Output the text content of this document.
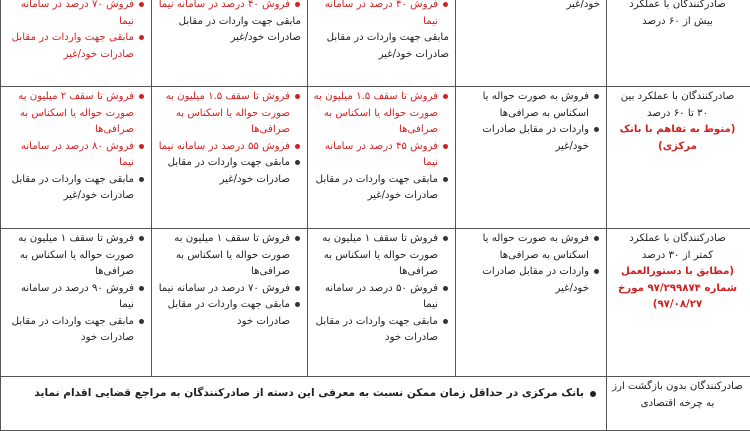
صادرکنندگان با عملکرد
بیش از ۶۰ درصد	خود/غیر	فروش ۴۰ درصد در سامانه نیما
مابقی جهت واردات در مقابل صادرات خود/غیر	فروش ۴۰ درصد در سامانه نیما
مابقی جهت واردات در مقابل صادرات خود/غیر	فروش ۷۰ درصد در سامانه نیما
مابقی جهت واردات در مقابل صادرات خود/غیر

صادرکنندگان با عملکرد بین
۳۰ تا ۶۰ درصد
(منوط به تفاهم با بانک مرکزی)	فروش به صورت حواله یا اسکناس به صرافی‌ها
واردات در مقابل صادرات خود/غیر	فروش تا سقف ۱.۵ میلیون به صورت حواله یا اسکناس به صرافی‌ها
فروش ۴۵ درصد در سامانه نیما
مابقی جهت واردات در مقابل صادرات خود/غیر	فروش تا سقف ۱.۵ میلیون به صورت حواله یا اسکناس به صرافی‌ها
فروش ۵۵ درصد در سامانه نیما
مابقی جهت واردات در مقابل صادرات خود/غیر	فروش تا سقف ۲ میلیون به صورت حواله یا اسکناس به صرافی‌ها
فروش ۸۰ درصد در سامانه نیما
مابقی جهت واردات در مقابل صادرات خود/غیر

صادرکنندگان با عملکرد
کمتر از ۳۰ درصد
(مطابق با دستورالعمل شماره ۹۷/۲۹۹۸۷۴ مورخ ۹۷/۰۸/۲۷)	فروش به صورت حواله یا اسکناس به صرافی‌ها
واردات در مقابل صادرات خود/غیر	فروش تا سقف ۱ میلیون به صورت حواله یا اسکناس به صرافی‌ها
فروش ۵۰ درصد در سامانه نیما
مابقی جهت واردات در مقابل صادرات خود	فروش تا سقف ۱ میلیون به صورت حواله یا اسکناس به صرافی‌ها
فروش ۷۰ درصد در سامانه نیما
مابقی جهت واردات در مقابل صادرات خود	فروش تا سقف ۱ میلیون به صورت حواله یا اسکناس به صرافی‌ها
فروش ۹۰ درصد در سامانه نیما
مابقی جهت واردات در مقابل صادرات خود

صادرکنندگان بدون بازگشت ارز به چرخه اقتصادی	بانک مرکزی در حداقل زمان ممکن نسبت به معرفی این دسته از صادرکنندگان به مراجع قضایی اقدام نماید			
